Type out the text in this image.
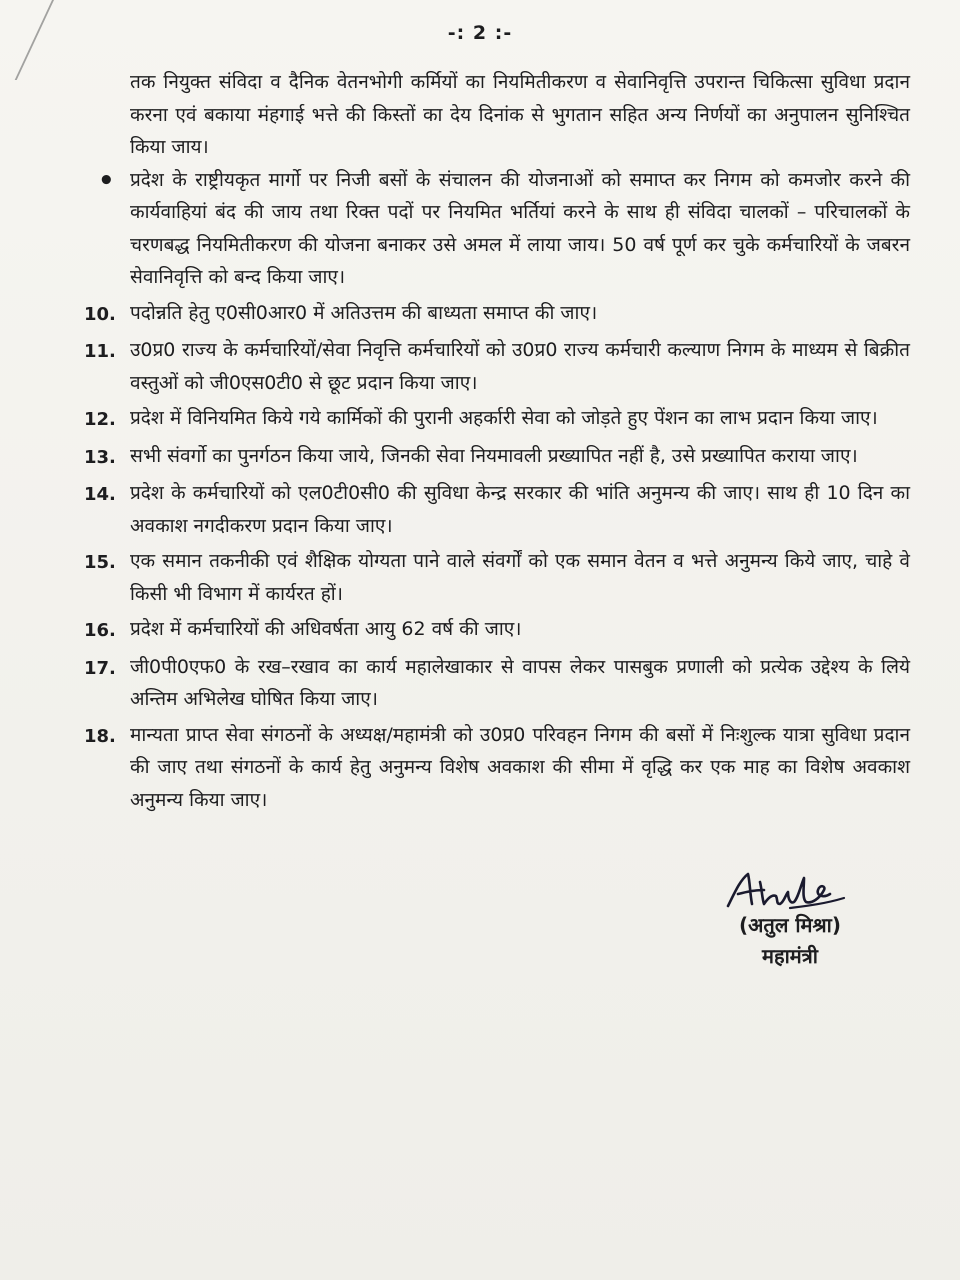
-: 2 :-

तक नियुक्त संविदा व दैनिक वेतनभोगी कर्मियों का नियमितीकरण व सेवानिवृत्ति उपरान्त चिकित्सा सुविधा प्रदान करना एवं बकाया मंहगाई भत्ते की किस्तों का देय दिनांक से भुगतान सहित अन्य निर्णयों का अनुपालन सुनिश्चित किया जाय।

• प्रदेश के राष्ट्रीयकृत मार्गो पर निजी बसों के संचालन की योजनाओं को समाप्त कर निगम को कमजोर करने की कार्यवाहियां बंद की जाय तथा रिक्त पदों पर नियमित भर्तियां करने के साथ ही संविदा चालकों – परिचालकों के चरणबद्ध नियमितीकरण की योजना बनाकर उसे अमल में लाया जाय। 50 वर्ष पूर्ण कर चुके कर्मचारियों के जबरन सेवानिवृत्ति को बन्द किया जाए।

10. पदोन्नति हेतु ए0सी0आर0 में अतिउत्तम की बाध्यता समाप्त की जाए।

11. उ0प्र0 राज्य के कर्मचारियों/सेवा निवृत्ति कर्मचारियों को उ0प्र0 राज्य कर्मचारी कल्याण निगम के माध्यम से बिक्रीत वस्तुओं को जी0एस0टी0 से छूट प्रदान किया जाए।

12. प्रदेश में विनियमित किये गये कार्मिकों की पुरानी अहर्कारी सेवा को जोड़ते हुए पेंशन का लाभ प्रदान किया जाए।

13. सभी संवर्गो का पुनर्गठन किया जाये, जिनकी सेवा नियमावली प्रख्यापित नहीं है, उसे प्रख्यापित कराया जाए।

14. प्रदेश के कर्मचारियों को एल0टी0सी0 की सुविधा केन्द्र सरकार की भांति अनुमन्य की जाए। साथ ही 10 दिन का अवकाश नगदीकरण प्रदान किया जाए।

15. एक समान तकनीकी एवं शैक्षिक योग्यता पाने वाले संवर्गों को एक समान वेतन व भत्ते अनुमन्य किये जाए, चाहे वे किसी भी विभाग में कार्यरत हों।

16. प्रदेश में कर्मचारियों की अधिवर्षता आयु 62 वर्ष की जाए।

17. जी0पी0एफ0 के रख–रखाव का कार्य महालेखाकार से वापस लेकर पासबुक प्रणाली को प्रत्येक उद्देश्य के लिये अन्तिम अभिलेख घोषित किया जाए।

18. मान्यता प्राप्त सेवा संगठनों के अध्यक्ष/महामंत्री को उ0प्र0 परिवहन निगम की बसों में निःशुल्क यात्रा सुविधा प्रदान की जाए तथा संगठनों के कार्य हेतु अनुमन्य विशेष अवकाश की सीमा में वृद्धि कर एक माह का विशेष अवकाश अनुमन्य किया जाए।

(अतुल मिश्रा)
महामंत्री
